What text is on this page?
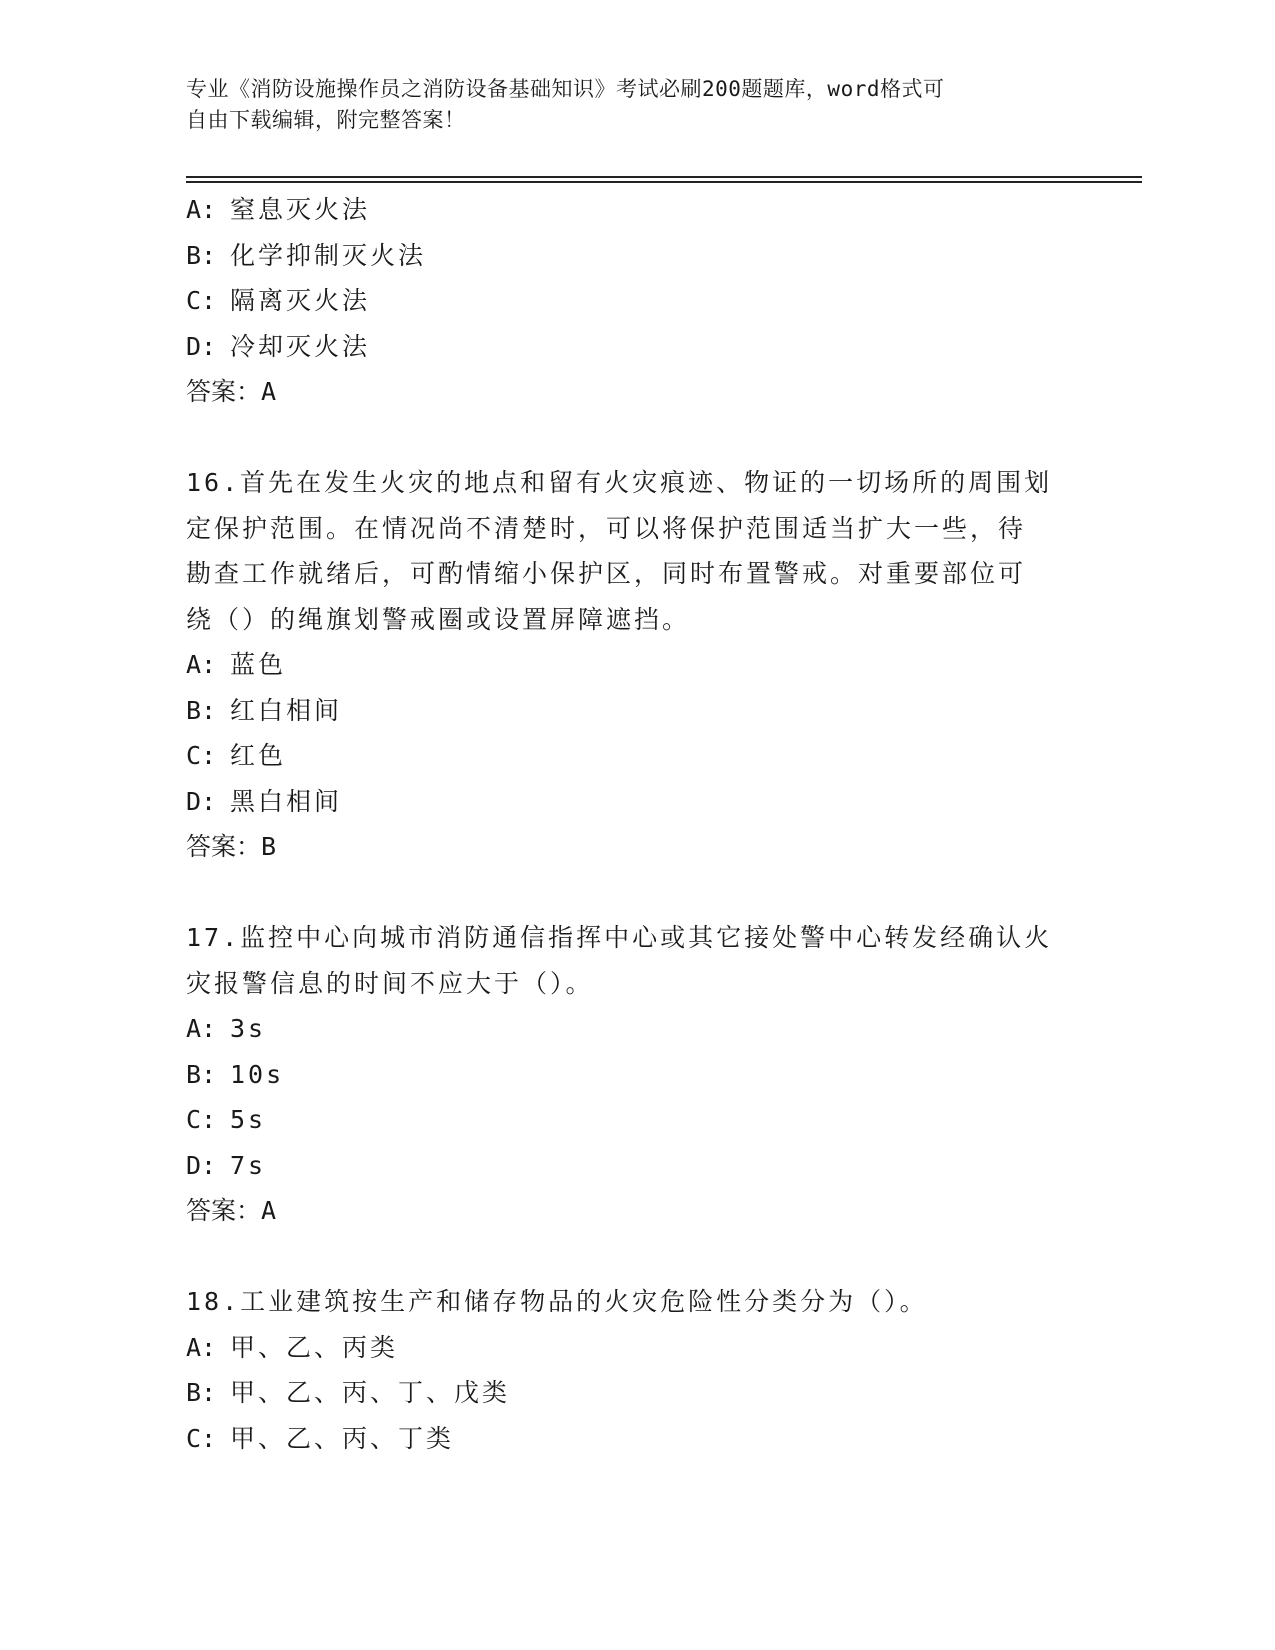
专业《消防设施操作员之消防设备基础知识》考试必刷200题题库，word格式可
自由下载编辑，附完整答案！

A: 窒息灭火法

B: 化学抑制灭火法

C: 隔离灭火法

D: 冷却灭火法

答案：A

16.首先在发生火灾的地点和留有火灾痕迹、物证的一切场所的周围划

定保护范围。在情况尚不清楚时，可以将保护范围适当扩大一些，待

勘查工作就绪后，可酌情缩小保护区，同时布置警戒。对重要部位可

绕（）的绳旗划警戒圈或设置屏障遮挡。

A: 蓝色

B: 红白相间

C: 红色

D: 黑白相间

答案：B

17.监控中心向城市消防通信指挥中心或其它接处警中心转发经确认火

灾报警信息的时间不应大于（）。

A: 3s

B: 10s

C: 5s

D: 7s

答案：A

18.工业建筑按生产和储存物品的火灾危险性分类分为（）。

A: 甲、乙、丙类

B: 甲、乙、丙、丁、戊类

C: 甲、乙、丙、丁类
